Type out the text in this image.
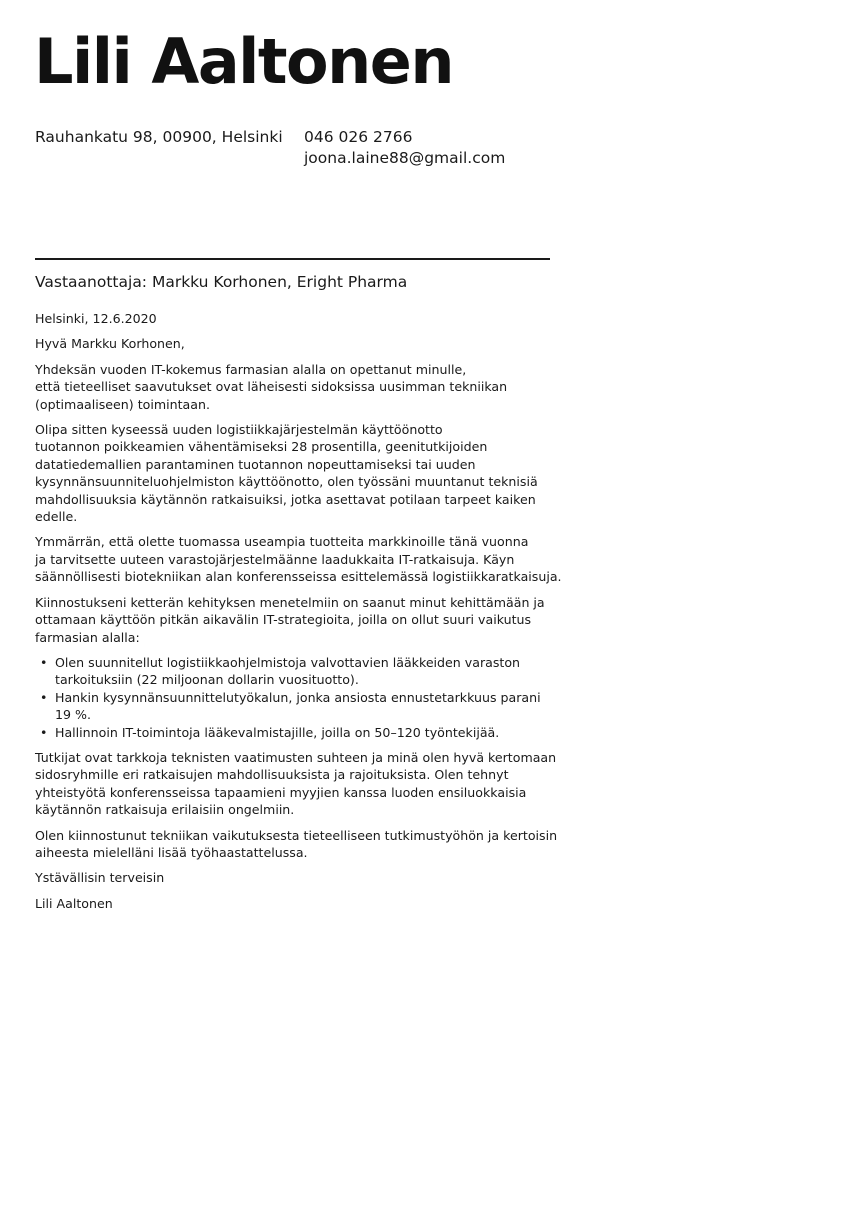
Lili Aaltonen
Rauhankatu 98, 00900, Helsinki 046 026 2766
joona.laine88@gmail.com
Vastaanottaja: Markku Korhonen, Eright Pharma

Helsinki, 12.6.2020

Hyvä Markku Korhonen,

Yhdeksän vuoden IT-kokemus farmasian alalla on opettanut minulle,
että tieteelliset saavutukset ovat läheisesti sidoksissa uusimman tekniikan
(optimaaliseen) toimintaan.

Olipa sitten kyseessä uuden logistiikkajärjestelmän käyttöönotto
tuotannon poikkeamien vähentämiseksi 28 prosentilla, geenitutkijoiden
datatiedemallien parantaminen tuotannon nopeuttamiseksi tai uuden
kysynnänsuunniteluohjelmiston käyttöönotto, olen työssäni muuntanut teknisiä
mahdollisuuksia käytännön ratkaisuiksi, jotka asettavat potilaan tarpeet kaiken
edelle.

Ymmärrän, että olette tuomassa useampia tuotteita markkinoille tänä vuonna
ja tarvitsette uuteen varastojärjestelmäänne laadukkaita IT-ratkaisuja. Käyn
säännöllisesti biotekniikan alan konferensseissa esittelemässä logistiikkaratkaisuja.

Kiinnostukseni ketterän kehityksen menetelmiin on saanut minut kehittämään ja
ottamaan käyttöön pitkän aikavälin IT-strategioita, joilla on ollut suuri vaikutus
farmasian alalla:

• Olen suunnitellut logistiikkaohjelmistoja valvottavien lääkkeiden varaston
tarkoituksiin (22 miljoonan dollarin vuosituotto).
• Hankin kysynnänsuunnittelutyökalun, jonka ansiosta ennustetarkkuus parani
19 %.
• Hallinnoin IT-toimintoja lääkevalmistajille, joilla on 50–120 työntekijää.

Tutkijat ovat tarkkoja teknisten vaatimusten suhteen ja minä olen hyvä kertomaan
sidosryhmille eri ratkaisujen mahdollisuuksista ja rajoituksista. Olen tehnyt
yhteistyötä konferensseissa tapaamieni myyjien kanssa luoden ensiluokkaisia
käytännön ratkaisuja erilaisiin ongelmiin.

Olen kiinnostunut tekniikan vaikutuksesta tieteelliseen tutkimustyöhön ja kertoisin
aiheesta mielelläni lisää työhaastattelussa.

Ystävällisin terveisin

Lili Aaltonen
